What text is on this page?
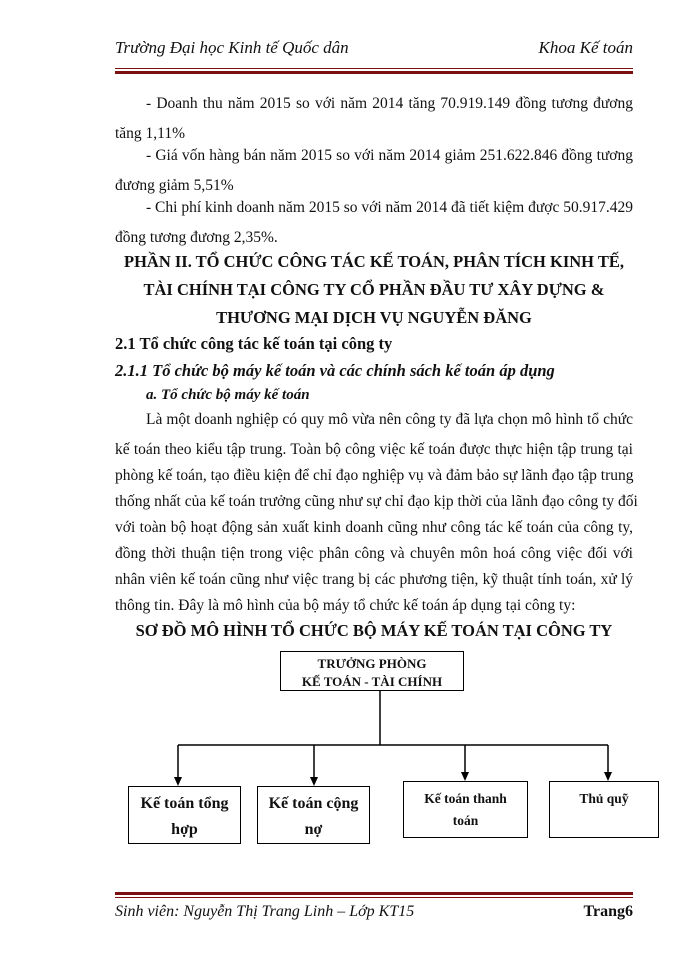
Trường Đại học Kinh tế Quốc dân	Khoa Kế toán
- Doanh thu năm 2015 so với năm 2014 tăng 70.919.149 đồng tương đương
tăng 1,11%
- Giá vốn hàng bán năm 2015 so với năm 2014 giảm 251.622.846 đồng tương
đương giảm 5,51%
- Chi phí kinh doanh năm 2015 so với năm 2014 đã tiết kiệm được 50.917.429
đồng tương đương 2,35%.
PHẦN II. TỔ CHỨC CÔNG TÁC KẾ TOÁN, PHÂN TÍCH KINH TẾ,
TÀI CHÍNH TẠI CÔNG TY CỔ PHẦN ĐẦU TƯ XÂY DỰNG &
THƯƠNG MẠI DỊCH VỤ NGUYỄN ĐĂNG
2.1 Tổ chức công tác kế toán tại công ty
2.1.1 Tổ chức bộ máy kế toán và các chính sách kế toán áp dụng
a. Tổ chức bộ máy kế toán
Là một doanh nghiệp có quy mô vừa nên công ty đã lựa chọn mô hình tổ chức
kế toán theo kiểu tập trung. Toàn bộ công việc kế toán được thực hiện tập trung tại
phòng kế toán, tạo điều kiện để chỉ đạo nghiệp vụ và đảm bảo sự lãnh đạo tập trung
thống nhất của kế toán trưởng cũng như sự chỉ đạo kịp thời của lãnh đạo công ty đối
với toàn bộ hoạt động sản xuất kinh doanh cũng như công tác kế toán của công ty,
đồng thời thuận tiện trong việc phân công và chuyên môn hoá công việc đối với
nhân viên kế toán cũng như việc trang bị các phương tiện, kỹ thuật tính toán, xử lý
thông tin. Đây là mô hình của bộ máy tổ chức kế toán áp dụng tại công ty:
SƠ ĐỒ MÔ HÌNH TỔ CHỨC BỘ MÁY KẾ TOÁN TẠI CÔNG TY
TRƯỞNG PHÒNG
KẾ TOÁN - TÀI CHÍNH
Kế toán tổng
hợp
Kế toán cộng
nợ
Kế toán thanh
toán
Thủ quỹ
Sinh viên: Nguyễn Thị Trang Linh – Lớp KT15	Trang6
